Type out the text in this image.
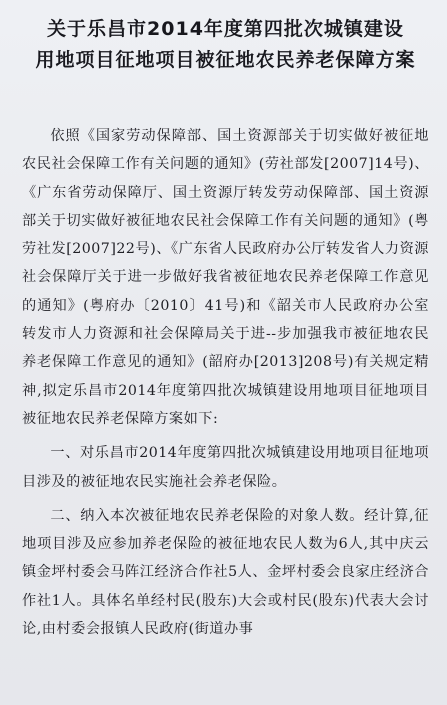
关于乐昌市2014年度第四批次城镇建设
用地项目征地项目被征地农民养老保障方案

依照《国家劳动保障部、国土资源部关于切实做好被征地农民社会保障工作有关问题的通知》(劳社部发[2007]14号)、《广东省劳动保障厅、国土资源厅转发劳动保障部、国土资源部关于切实做好被征地农民社会保障工作有关问题的通知》(粤劳社发[2007]22号)、《广东省人民政府办公厅转发省人力资源社会保障厅关于进一步做好我省被征地农民养老保障工作意见的通知》(粤府办〔2010〕41号)和《韶关市人民政府办公室转发市人力资源和社会保障局关于进--步加强我市被征地农民养老保障工作意见的通知》(韶府办[2013]208号)有关规定精神,拟定乐昌市2014年度第四批次城镇建设用地项目征地项目被征地农民养老保障方案如下:

一、对乐昌市2014年度第四批次城镇建设用地项目征地项目涉及的被征地农民实施社会养老保险。

二、纳入本次被征地农民养老保险的对象人数。经计算,征地项目涉及应参加养老保险的被征地农民人数为6人,其中庆云镇金坪村委会马阵江经济合作社5人、金坪村委会良家庄经济合作社1人。具体名单经村民(股东)大会或村民(股东)代表大会讨论,由村委会报镇人民政府(街道办事
